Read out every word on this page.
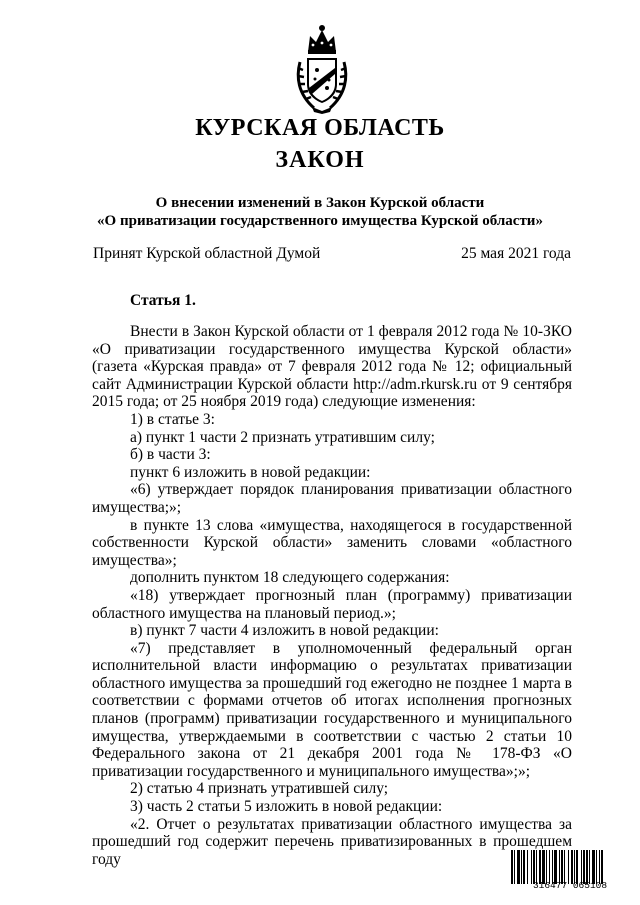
КУРСКАЯ ОБЛАСТЬ
ЗАКОН
О внесении изменений в Закон Курской области
«О приватизации государственного имущества Курской области»
Принят Курской областной Думой	25 мая 2021 года
Статья 1.

Внести в Закон Курской области от 1 февраля 2012 года № 10-ЗКО «О приватизации государственного имущества Курской области» (газета «Курская правда» от 7 февраля 2012 года № 12; официальный сайт Администрации Курской области http://adm.rkursk.ru от 9 сентября 2015 года; от 25 ноября 2019 года) следующие изменения:

1) в статье 3:

а) пункт 1 части 2 признать утратившим силу;

б) в части 3:

пункт 6 изложить в новой редакции:

«6) утверждает порядок планирования приватизации областного имущества;»;

в пункте 13 слова «имущества, находящегося в государственной собственности Курской области» заменить словами «областного имущества»;

дополнить пунктом 18 следующего содержания:

«18) утверждает прогнозный план (программу) приватизации областного имущества на плановый период.»;

в) пункт 7 части 4 изложить в новой редакции:

«7) представляет в уполномоченный федеральный орган исполнительной власти информацию о результатах приватизации областного имущества за прошедший год ежегодно не позднее 1 марта в соответствии с формами отчетов об итогах исполнения прогнозных планов (программ) приватизации государственного и муниципального имущества, утверждаемыми в соответствии с частью 2 статьи 10 Федерального закона от 21 декабря 2001 года № 178-ФЗ «О приватизации государственного и муниципального имущества»;»;

2) статью 4 признать утратившей силу;

3) часть 2 статьи 5 изложить в новой редакции:

«2. Отчет о результатах приватизации областного имущества за прошедший год содержит перечень приватизированных в прошедшем году

316477 065108
